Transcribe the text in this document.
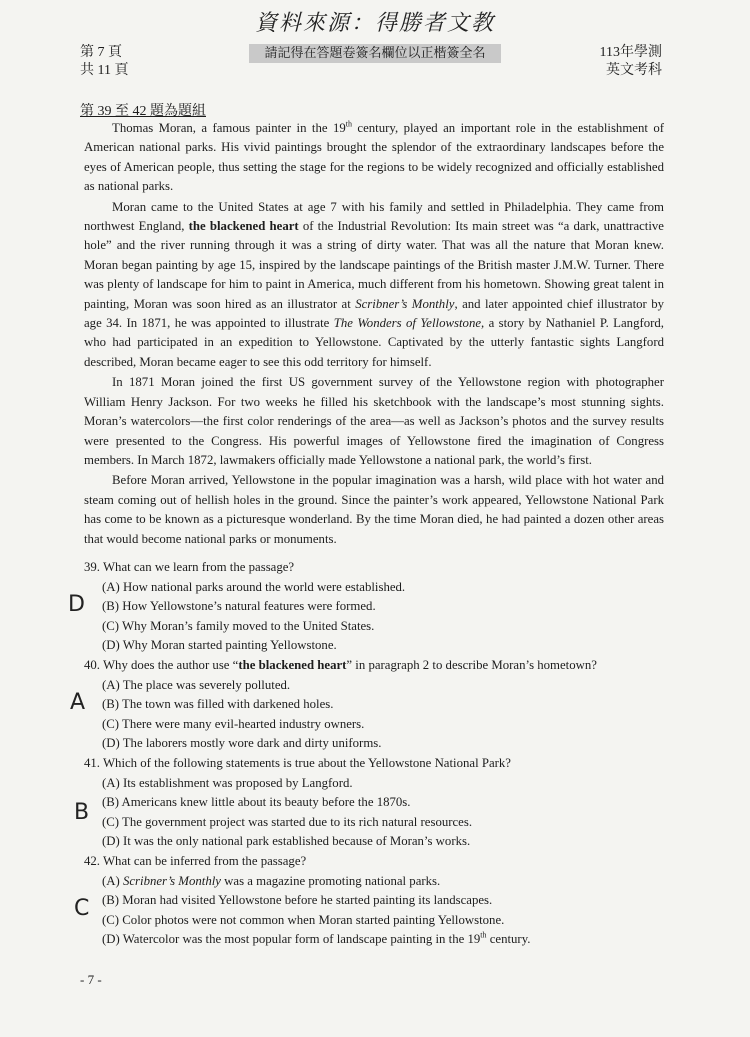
資料來源：得勝者文教
第 7 頁
共 11 頁
請記得在答題卷簽名欄位以正楷簽全名	113年學測
英文考科
第 39 至 42 題為題組

Thomas Moran, a famous painter in the 19th century, played an important role in the establishment of American national parks. His vivid paintings brought the splendor of the extraordinary landscapes before the eyes of American people, thus setting the stage for the regions to be widely recognized and officially established as national parks.

Moran came to the United States at age 7 with his family and settled in Philadelphia. They came from northwest England, the blackened heart of the Industrial Revolution: Its main street was “a dark, unattractive hole” and the river running through it was a string of dirty water. That was all the nature that Moran knew. Moran began painting by age 15, inspired by the landscape paintings of the British master J.M.W. Turner. There was plenty of landscape for him to paint in America, much different from his hometown. Showing great talent in painting, Moran was soon hired as an illustrator at Scribner’s Monthly, and later appointed chief illustrator by age 34. In 1871, he was appointed to illustrate The Wonders of Yellowstone, a story by Nathaniel P. Langford, who had participated in an expedition to Yellowstone. Captivated by the utterly fantastic sights Langford described, Moran became eager to see this odd territory for himself.

In 1871 Moran joined the first US government survey of the Yellowstone region with photographer William Henry Jackson. For two weeks he filled his sketchbook with the landscape’s most stunning sights. Moran’s watercolors—the first color renderings of the area—as well as Jackson’s photos and the survey results were presented to the Congress. His powerful images of Yellowstone fired the imagination of Congress members. In March 1872, lawmakers officially made Yellowstone a national park, the world’s first.

Before Moran arrived, Yellowstone in the popular imagination was a harsh, wild place with hot water and steam coming out of hellish holes in the ground. Since the painter’s work appeared, Yellowstone National Park has come to be known as a picturesque wonderland. By the time Moran died, he had painted a dozen other areas that would become national parks or monuments.

39. What can we learn from the passage?
(A) How national parks around the world were established.
(B) How Yellowstone’s natural features were formed.
(C) Why Moran’s family moved to the United States.
(D) Why Moran started painting Yellowstone.
40. Why does the author use “the blackened heart” in paragraph 2 to describe Moran’s hometown?
(A) The place was severely polluted.
(B) The town was filled with darkened holes.
(C) There were many evil-hearted industry owners.
(D) The laborers mostly wore dark and dirty uniforms.
41. Which of the following statements is true about the Yellowstone National Park?
(A) Its establishment was proposed by Langford.
(B) Americans knew little about its beauty before the 1870s.
(C) The government project was started due to its rich natural resources.
(D) It was the only national park established because of Moran’s works.
42. What can be inferred from the passage?
(A) Scribner’s Monthly was a magazine promoting national parks.
(B) Moran had visited Yellowstone before he started painting its landscapes.
(C) Color photos were not common when Moran started painting Yellowstone.
(D) Watercolor was the most popular form of landscape painting in the 19th century.
D
A
B
C
- 7 -
